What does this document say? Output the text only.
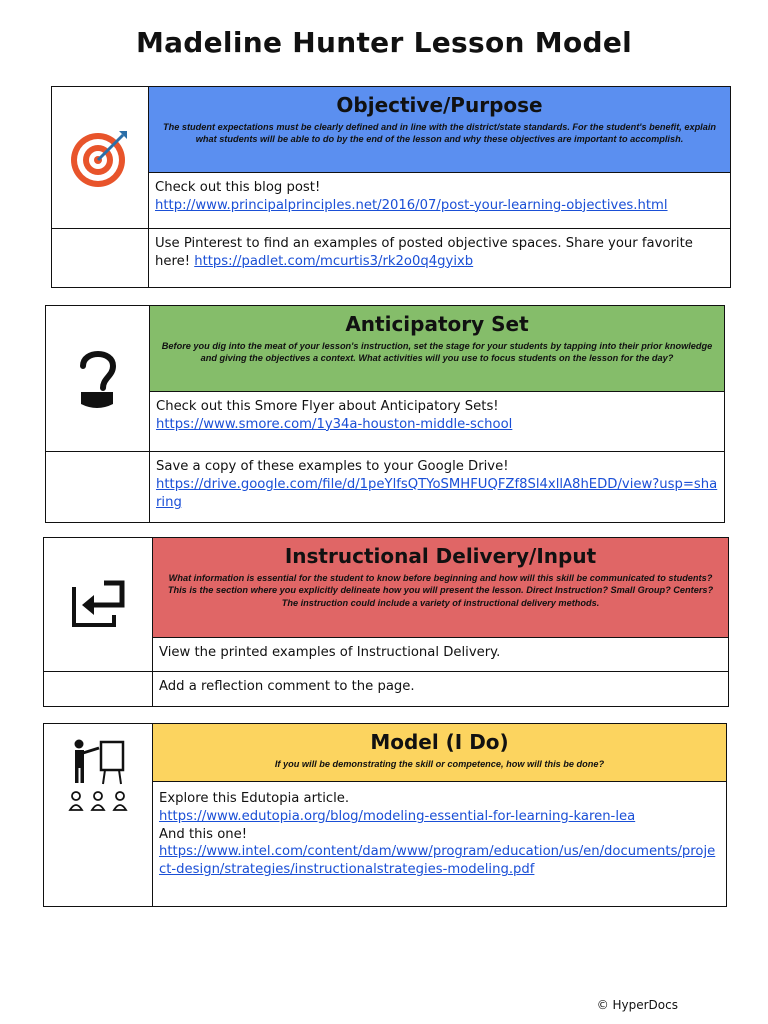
Madeline Hunter Lesson Model
Objective/Purpose

The student expectations must be clearly defined and in line with the district/state standards. For the student's benefit, explain what students will be able to do by the end of the lesson and why these objectives are important to accomplish.

Check out this blog post!
http://www.principalprinciples.net/2016/07/post-your-learning-objectives.html
Use Pinterest to find an examples of posted objective spaces. Share your favorite here! https://padlet.com/mcurtis3/rk2o0q4gyixb
Anticipatory Set

Before you dig into the meat of your lesson's instruction, set the stage for your students by tapping into their prior knowledge and giving the objectives a context. What activities will you use to focus students on the lesson for the day?

Check out this Smore Flyer about Anticipatory Sets!
https://www.smore.com/1y34a-houston-middle-school
Save a copy of these examples to your Google Drive!
https://drive.google.com/file/d/1peYlfsQTYoSMHFUQFZf8Sl4xllA8hEDD/view?usp=sharing
Instructional Delivery/Input

What information is essential for the student to know before beginning and how will this skill be communicated to students? This is the section where you explicitly delineate how you will present the lesson. Direct Instruction? Small Group? Centers? The instruction could include a variety of instructional delivery methods.

View the printed examples of Instructional Delivery.
Add a reflection comment to the page.
Model (I Do)

If you will be demonstrating the skill or competence, how will this be done?

Explore this Edutopia article.
https://www.edutopia.org/blog/modeling-essential-for-learning-karen-lea
And this one!
https://www.intel.com/content/dam/www/program/education/us/en/documents/project-design/strategies/instructionalstrategies-modeling.pdf
© HyperDocs
